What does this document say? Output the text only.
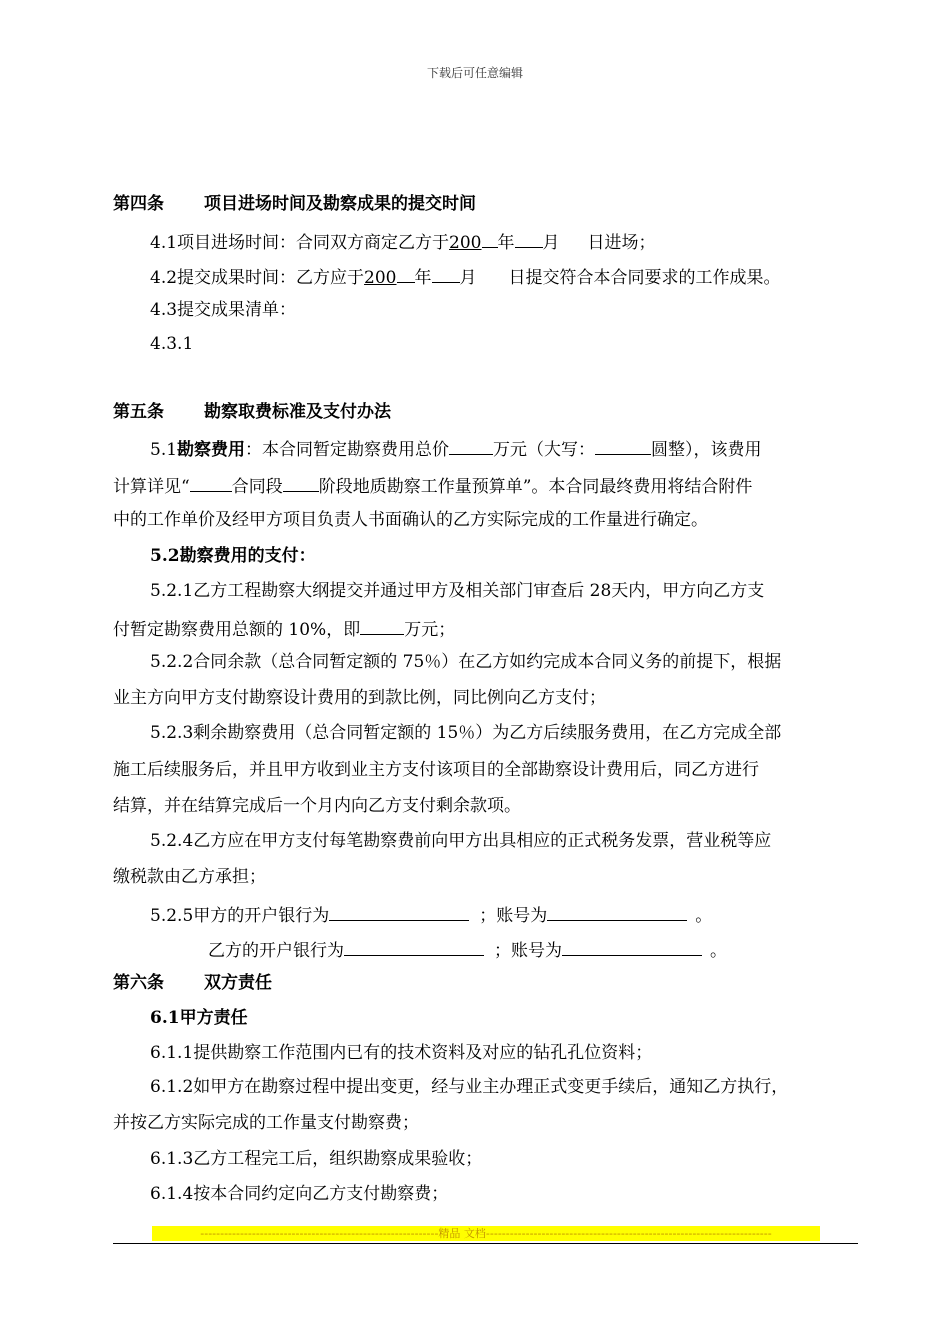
下载后可任意编辑
第四条 项目进场时间及勘察成果的提交时间
4.1项目进场时间：合同双方商定乙方于200 年 月 日进场；
4.2提交成果时间：乙方应于200 年 月 日提交符合本合同要求的工作成果。
4.3提交成果清单：
4.3.1
第五条 勘察取费标准及支付办法
5.1勘察费用：本合同暂定勘察费用总价	万元（大写：	圆整），该费用
计算详见“ 合同段 阶段地质勘察工作量预算单”。本合同最终费用将结合附件
中的工作单价及经甲方项目负责人书面确认的乙方实际完成的工作量进行确定。
5.2勘察费用的支付：
5.2.1乙方工程勘察大纲提交并通过甲方及相关部门审查后 28天内，甲方向乙方支
付暂定勘察费用总额的 10%，即	万元；
5.2.2合同余款（总合同暂定额的 75％）在乙方如约完成本合同义务的前提下，根据
业主方向甲方支付勘察设计费用的到款比例，同比例向乙方支付；
5.2.3剩余勘察费用（总合同暂定额的 15％）为乙方后续服务费用，在乙方完成全部
施工后续服务后，并且甲方收到业主方支付该项目的全部勘察设计费用后，同乙方进行
结算，并在结算完成后一个月内向乙方支付剩余款项。
5.2.4乙方应在甲方支付每笔勘察费前向甲方出具相应的正式税务发票，营业税等应
缴税款由乙方承担；
5.2.5甲方的开户银行为	；账号为	。
乙方的开户银行为	；账号为	。
第六条 双方责任
6.1甲方责任
6.1.1提供勘察工作范围内已有的技术资料及对应的钻孔孔位资料；
6.1.2如甲方在勘察过程中提出变更，经与业主办理正式变更手续后，通知乙方执行，
并按乙方实际完成的工作量支付勘察费；
6.1.3乙方工程完工后，组织勘察成果验收；
6.1.4按本合同约定向乙方支付勘察费；
------------------------------------------------------------精品 文档------------------------------------------------------------------------
